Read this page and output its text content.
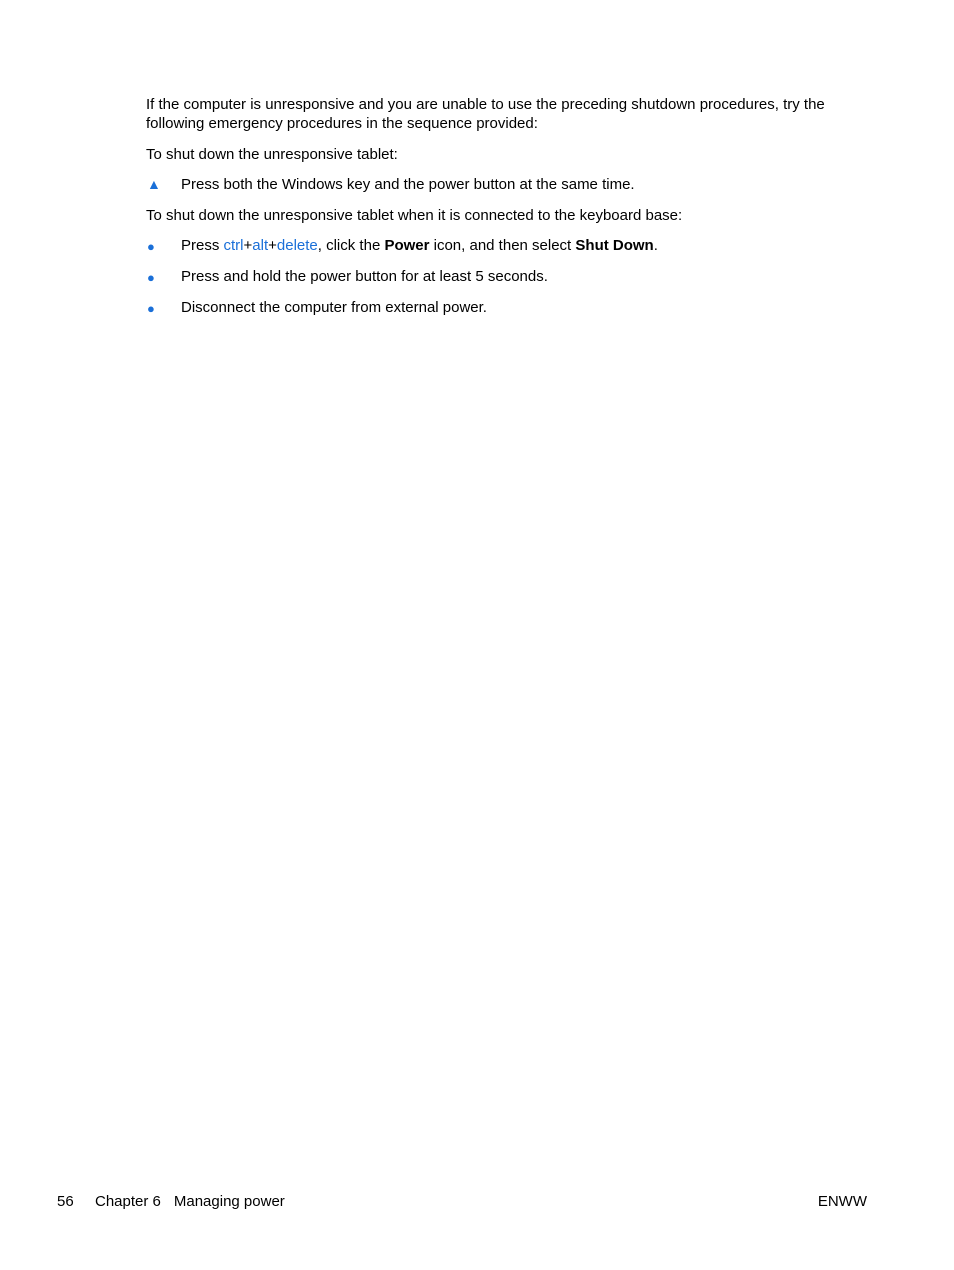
If the computer is unresponsive and you are unable to use the preceding shutdown procedures, try the following emergency procedures in the sequence provided:

To shut down the unresponsive tablet:

▲ Press both the Windows key and the power button at the same time.

To shut down the unresponsive tablet when it is connected to the keyboard base:

●	Press ctrl+alt+delete, click the Power icon, and then select Shut Down.
●	Press and hold the power button for at least 5 seconds.
●	Disconnect the computer from external power.
56 Chapter 6 Managing power	ENWW
